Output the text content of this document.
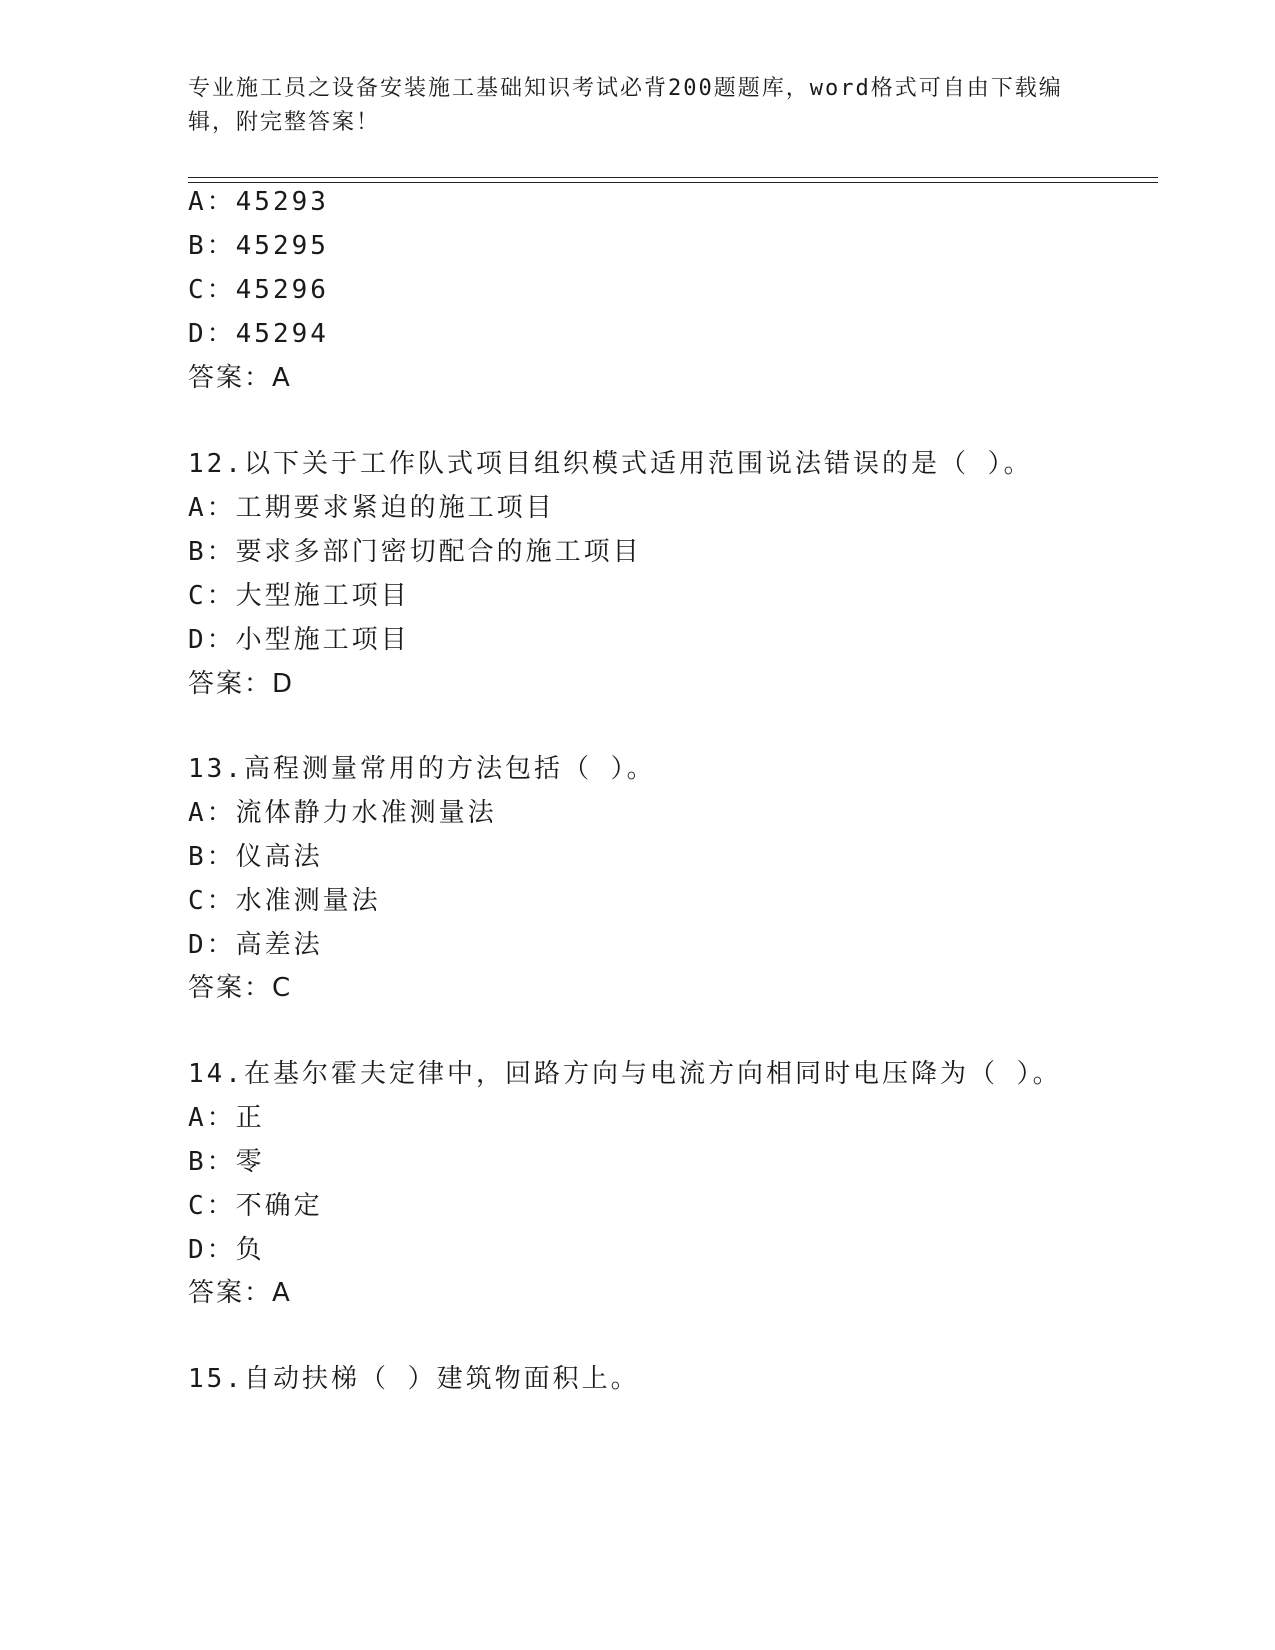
专业施工员之设备安装施工基础知识考试必背200题题库，word格式可自由下载编辑，附完整答案！
A：45293
B：45295
C：45296
D：45294
答案：A
12.以下关于工作队式项目组织模式适用范围说法错误的是（ ）。
A：工期要求紧迫的施工项目
B：要求多部门密切配合的施工项目
C：大型施工项目
D：小型施工项目
答案：D
13.高程测量常用的方法包括（ ）。
A：流体静力水准测量法
B：仪高法
C：水准测量法
D：高差法
答案：C
14.在基尔霍夫定律中，回路方向与电流方向相同时电压降为（ ）。
A：正
B：零
C：不确定
D：负
答案：A
15.自动扶梯（ ）建筑物面积上。
